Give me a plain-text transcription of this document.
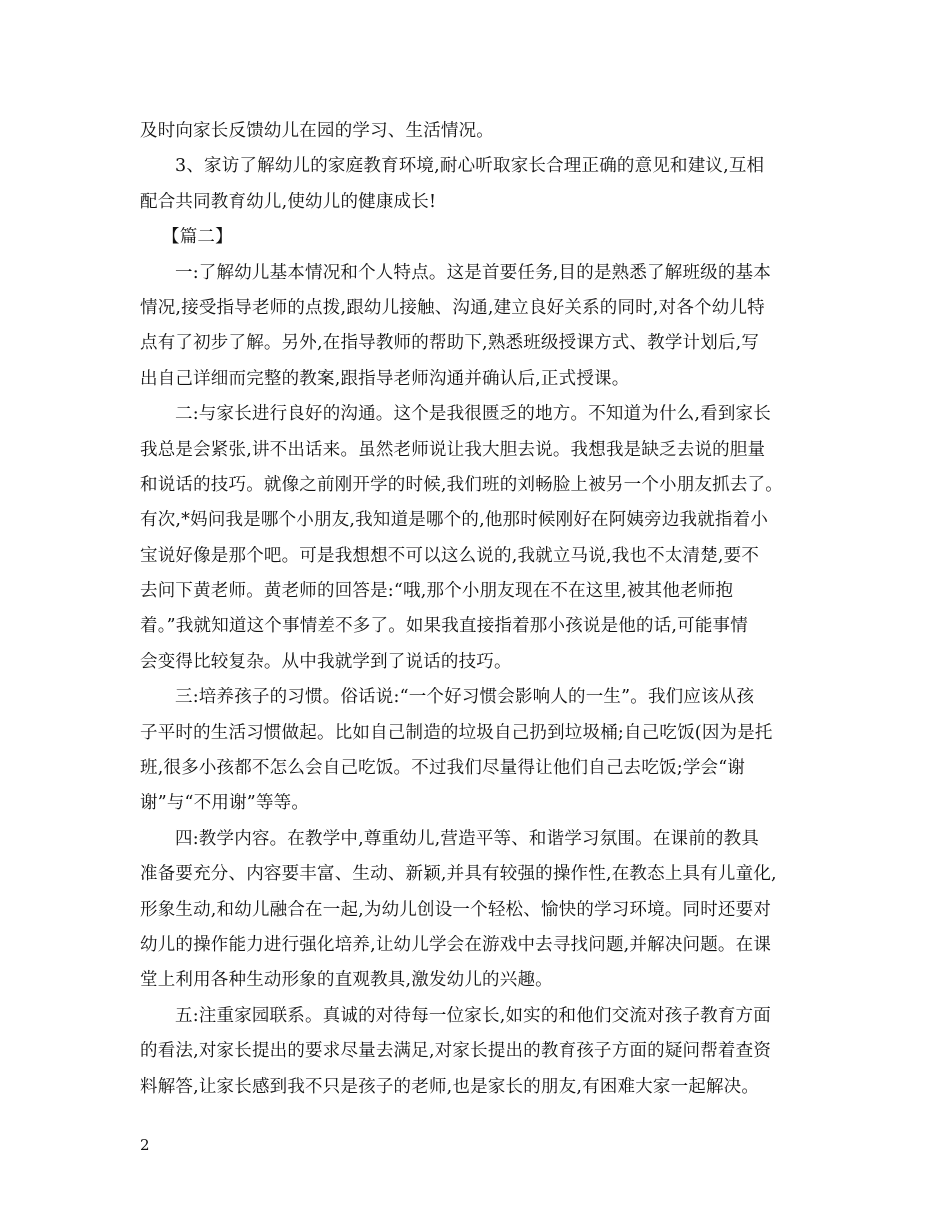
及时向家长反馈幼儿在园的学习、生活情况。
3、家访了解幼儿的家庭教育环境,耐心听取家长合理正确的意见和建议,互相
配合共同教育幼儿,使幼儿的健康成长!
【篇二】
一:了解幼儿基本情况和个人特点。这是首要任务,目的是熟悉了解班级的基本
情况,接受指导老师的点拨,跟幼儿接触、沟通,建立良好关系的同时,对各个幼儿特
点有了初步了解。另外,在指导教师的帮助下,熟悉班级授课方式、教学计划后,写
出自己详细而完整的教案,跟指导老师沟通并确认后,正式授课。
二:与家长进行良好的沟通。这个是我很匮乏的地方。不知道为什么,看到家长
我总是会紧张,讲不出话来。虽然老师说让我大胆去说。我想我是缺乏去说的胆量
和说话的技巧。就像之前刚开学的时候,我们班的刘畅脸上被另一个小朋友抓去了。
有次,*妈问我是哪个小朋友,我知道是哪个的,他那时候刚好在阿姨旁边我就指着小
宝说好像是那个吧。可是我想想不可以这么说的,我就立马说,我也不太清楚,要不
去问下黄老师。黄老师的回答是:“哦,那个小朋友现在不在这里,被其他老师抱
着。”我就知道这个事情差不多了。如果我直接指着那小孩说是他的话,可能事情
会变得比较复杂。从中我就学到了说话的技巧。
三:培养孩子的习惯。俗话说:“一个好习惯会影响人的一生”。我们应该从孩
子平时的生活习惯做起。比如自己制造的垃圾自己扔到垃圾桶;自己吃饭(因为是托
班,很多小孩都不怎么会自己吃饭。不过我们尽量得让他们自己去吃饭;学会“谢
谢”与“不用谢”等等。
四:教学内容。在教学中,尊重幼儿,营造平等、和谐学习氛围。在课前的教具
准备要充分、内容要丰富、生动、新颖,并具有较强的操作性,在教态上具有儿童化,
形象生动,和幼儿融合在一起,为幼儿创设一个轻松、愉快的学习环境。同时还要对
幼儿的操作能力进行强化培养,让幼儿学会在游戏中去寻找问题,并解决问题。在课
堂上利用各种生动形象的直观教具,激发幼儿的兴趣。
五:注重家园联系。真诚的对待每一位家长,如实的和他们交流对孩子教育方面
的看法,对家长提出的要求尽量去满足,对家长提出的教育孩子方面的疑问帮着查资
料解答,让家长感到我不只是孩子的老师,也是家长的朋友,有困难大家一起解决。
2
